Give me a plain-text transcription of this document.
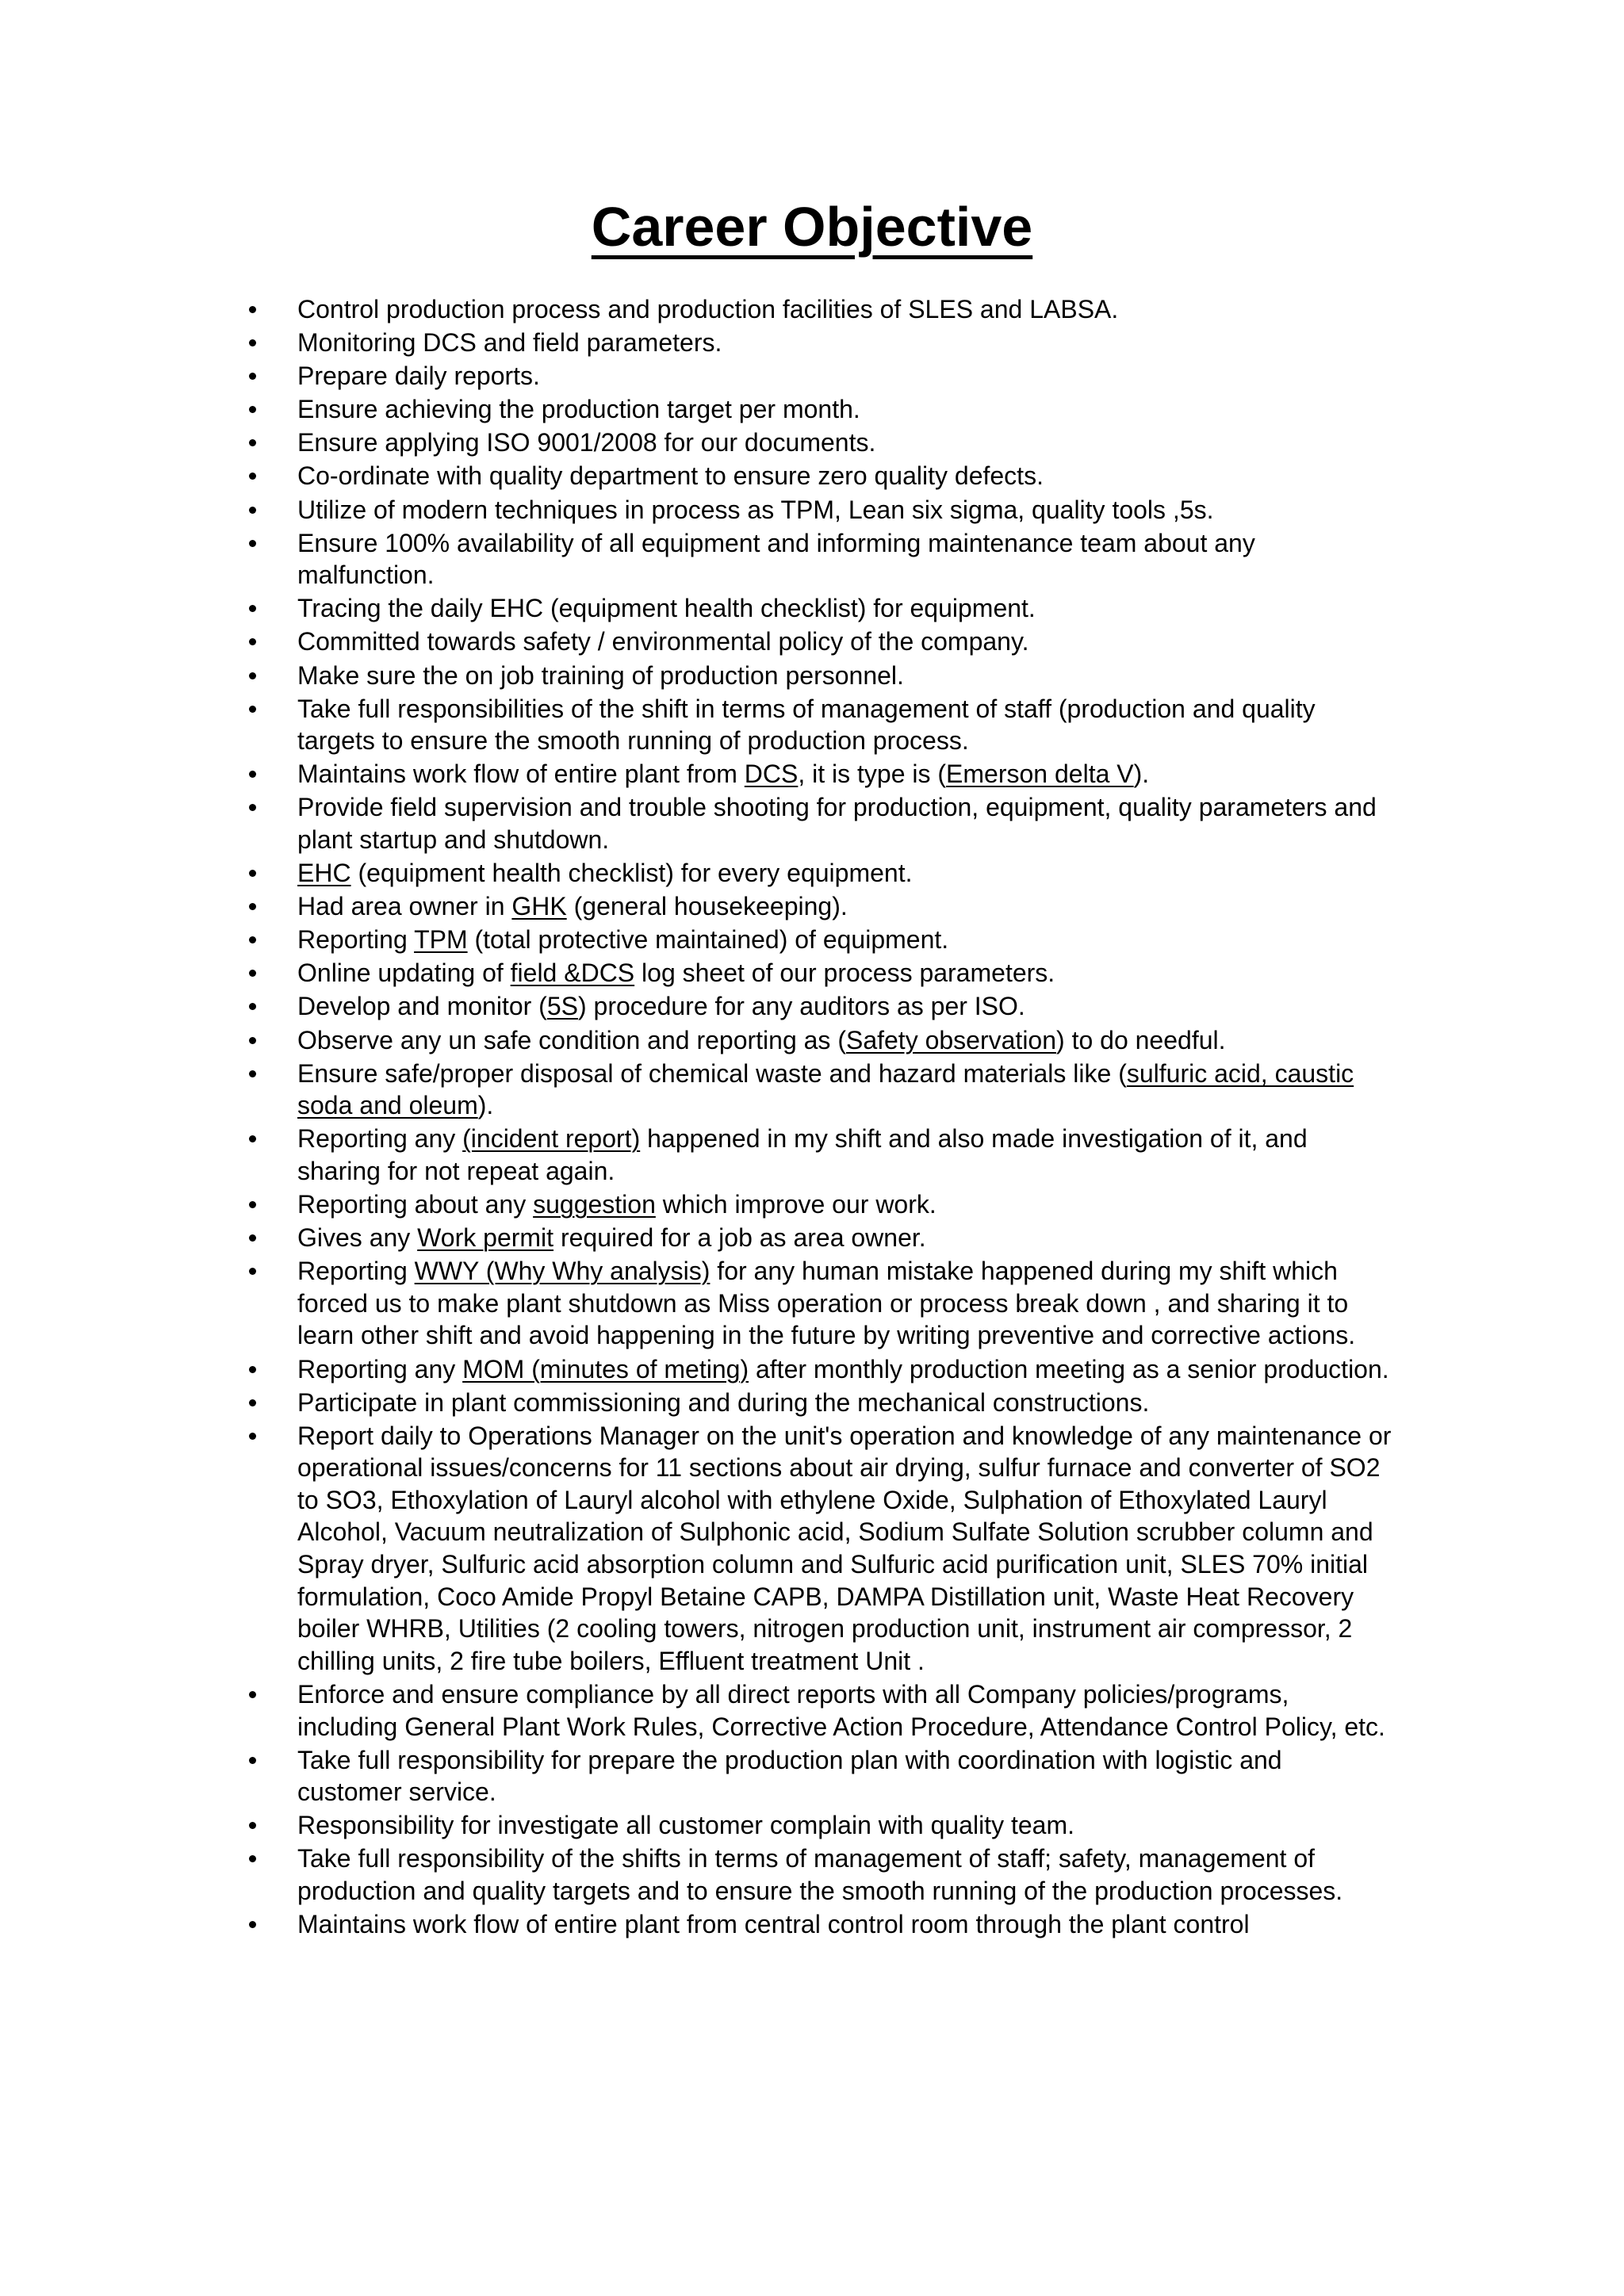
Career Objective
Control production process and production facilities of SLES and LABSA.
Monitoring DCS and field parameters.
Prepare daily reports.
Ensure achieving the production target per month.
Ensure applying ISO 9001/2008 for our documents.
Co-ordinate with quality department to ensure zero quality defects.
Utilize of modern techniques in process as TPM, Lean six sigma, quality tools ,5s.
Ensure 100% availability of all equipment and informing maintenance team about any malfunction.
Tracing the daily EHC (equipment health checklist) for equipment.
Committed towards safety / environmental policy of the company.
Make sure the on job training of production personnel.
Take full responsibilities of the shift in terms of management of staff (production and quality targets to ensure the smooth running of production process.
Maintains work flow of entire plant from DCS, it is type is (Emerson delta V).
Provide field supervision and trouble shooting for production, equipment, quality parameters and plant startup and shutdown.
EHC (equipment health checklist) for every equipment.
Had area owner in GHK (general housekeeping).
Reporting TPM (total protective maintained) of equipment.
Online updating of field &DCS log sheet of our process parameters.
Develop and monitor (5S) procedure for any auditors as per ISO.
Observe any un safe condition and reporting as (Safety observation) to do needful.
Ensure safe/proper disposal of chemical waste and hazard materials like (sulfuric acid, caustic soda and oleum).
Reporting any (incident report) happened in my shift and also made investigation of it, and sharing for not repeat again.
Reporting about any suggestion which improve our work.
Gives any Work permit required for a job as area owner.
Reporting WWY (Why Why analysis) for any human mistake happened during my shift which forced us to make plant shutdown as Miss operation or process break down , and sharing it to learn other shift and avoid happening in the future by writing preventive and corrective actions.
Reporting any MOM (minutes of meting) after monthly production meeting as a senior production.
Participate in plant commissioning and during the mechanical constructions.
Report daily to Operations Manager on the unit's operation and knowledge of any maintenance or operational issues/concerns for 11 sections about air drying, sulfur furnace and converter of SO2 to SO3, Ethoxylation of Lauryl alcohol with ethylene Oxide, Sulphation of Ethoxylated Lauryl Alcohol, Vacuum neutralization of Sulphonic acid, Sodium Sulfate Solution scrubber column and Spray dryer, Sulfuric acid absorption column and Sulfuric acid purification unit, SLES 70% initial formulation, Coco Amide Propyl Betaine CAPB, DAMPA Distillation unit, Waste Heat Recovery boiler WHRB, Utilities (2 cooling towers, nitrogen production unit, instrument air compressor, 2 chilling units, 2 fire tube boilers, Effluent treatment Unit .
Enforce and ensure compliance by all direct reports with all Company policies/programs, including General Plant Work Rules, Corrective Action Procedure, Attendance Control Policy, etc.
Take full responsibility for prepare the production plan with coordination with logistic and customer service.
Responsibility for investigate all customer complain with quality team.
Take full responsibility of the shifts in terms of management of staff; safety, management of production and quality targets and to ensure the smooth running of the production processes.
Maintains work flow of entire plant from central control room through the plant control
